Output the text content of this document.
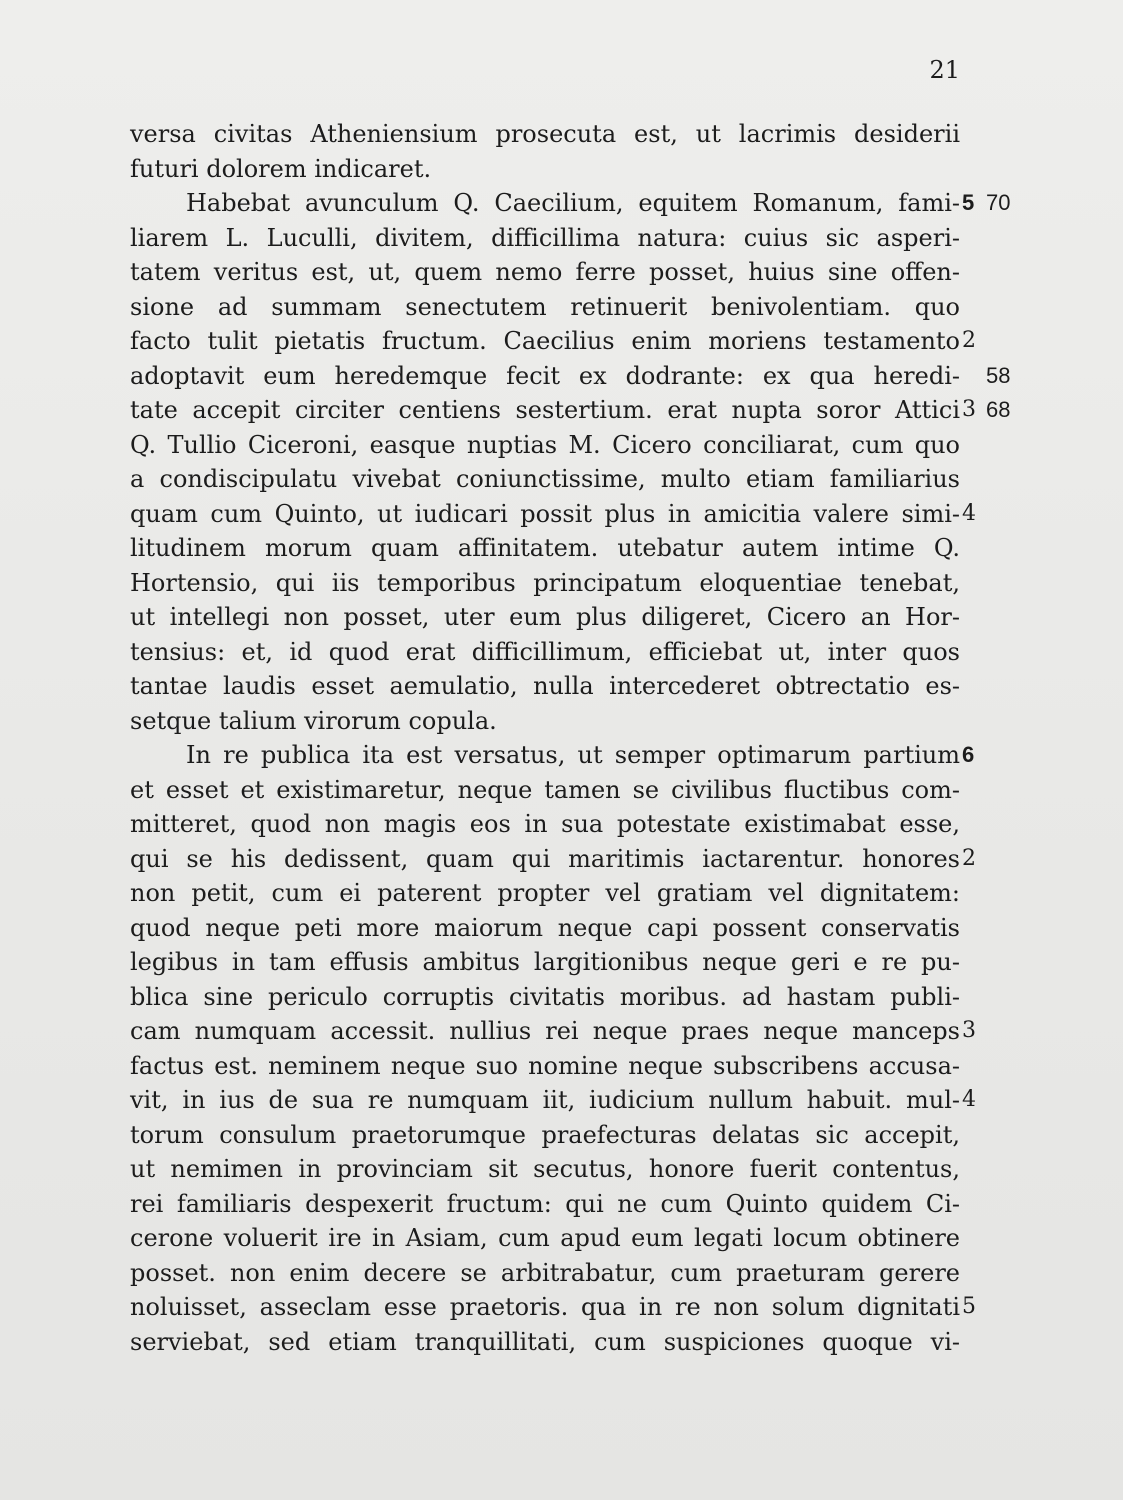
21
versa civitas Atheniensium prosecuta est, ut lacrimis desiderii
futuri dolorem indicaret.
Habebat avunculum Q. Caecilium, equitem Romanum, fami- 5 70
liarem L. Luculli, divitem, difficillima natura: cuius sic asperi-
tatem veritus est, ut, quem nemo ferre posset, huius sine offen-
sione ad summam senectutem retinuerit benivolentiam. quo
facto tulit pietatis fructum. Caecilius enim moriens testamento 2
adoptavit eum heredemque fecit ex dodrante: ex qua heredi- 58
tate accepit circiter centiens sestertium. erat nupta soror Attici 3 68
Q. Tullio Ciceroni, easque nuptias M. Cicero conciliarat, cum quo
a condiscipulatu vivebat coniunctissime, multo etiam familiarius
quam cum Quinto, ut iudicari possit plus in amicitia valere simi- 4
litudinem morum quam affinitatem. utebatur autem intime Q.
Hortensio, qui iis temporibus principatum eloquentiae tenebat,
ut intellegi non posset, uter eum plus diligeret, Cicero an Hor-
tensius: et, id quod erat difficillimum, efficiebat ut, inter quos
tantae laudis esset aemulatio, nulla intercederet obtrectatio es-
setque talium virorum copula.
In re publica ita est versatus, ut semper optimarum partium 6
et esset et existimaretur, neque tamen se civilibus fluctibus com-
mitteret, quod non magis eos in sua potestate existimabat esse,
qui se his dedissent, quam qui maritimis iactarentur. honores 2
non petit, cum ei paterent propter vel gratiam vel dignitatem:
quod neque peti more maiorum neque capi possent conservatis
legibus in tam effusis ambitus largitionibus neque geri e re pu-
blica sine periculo corruptis civitatis moribus. ad hastam publi-
cam numquam accessit. nullius rei neque praes neque manceps 3
factus est. neminem neque suo nomine neque subscribens accusa-
vit, in ius de sua re numquam iit, iudicium nullum habuit. mul- 4
torum consulum praetorumque praefecturas delatas sic accepit,
ut nemimen in provinciam sit secutus, honore fuerit contentus,
rei familiaris despexerit fructum: qui ne cum Quinto quidem Ci-
cerone voluerit ire in Asiam, cum apud eum legati locum obtinere
posset. non enim decere se arbitrabatur, cum praeturam gerere
noluisset, asseclam esse praetoris. qua in re non solum dignitati 5
serviebat, sed etiam tranquillitati, cum suspiciones quoque vi-
